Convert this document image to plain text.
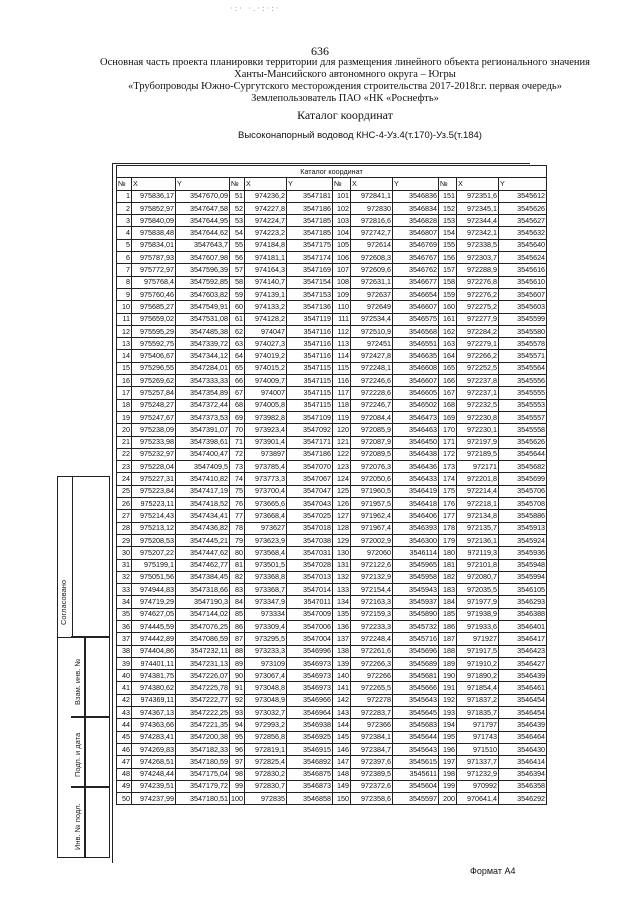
·:· ·.·:·:·
636
Основная часть проекта планировки территории для размещения линейного объекта регионального значения Ханты-Мансийского автономного округа – Югры
«Трубопроводы Южно-Сургутского месторождения строительства 2017-2018г.г. первая очередь»
Землепользователь ПАО «НК «Роснефть»
Каталог координат
Высоконапорный водовод КНС-4-Уз.4(т.170)-Уз.5(т.184)
Каталог координат											
№	X	Y	№	X	Y	№	X	Y	№	X	Y
1	975836,17	3547670,09	51	974236,2	3547181	101	972841,1	3546836	151	972351,6	3545612
2	975852,97	3547647,58	52	974227,8	3547186	102	972830	3546834	152	972345,1	3545626
3	975840,09	3547644,95	53	974224,7	3547185	103	972816,6	3546828	153	972344,4	3545627
4	975838,48	3547644,62	54	974223,2	3547185	104	972742,7	3546807	154	972342,1	3545632
5	975834,01	3547643,7	55	974184,8	3547175	105	972614	3546769	155	972338,5	3545640
6	975787,93	3547607,98	56	974181,1	3547174	106	972608,3	3546767	156	972303,7	3545624
7	975772,97	3547596,39	57	974164,3	3547169	107	972609,6	3546762	157	972288,9	3545616
8	975768,4	3547592,85	58	974140,7	3547154	108	972631,1	3546677	158	972276,8	3545610
9	975760,46	3547603,82	59	974139,1	3547153	109	972637	3546654	159	972276,2	3545607
10	975685,27	3547549,91	60	974133,2	3547136	110	972649	3546607	160	972275,2	3545603
11	975659,02	3547531,08	61	974128,2	3547119	111	972534,4	3546575	161	972277,9	3545599
12	975595,29	3547485,38	62	974047	3547116	112	972510,9	3546568	162	972284,2	3545580
13	975592,75	3547339,72	63	974027,3	3547116	113	972451	3546551	163	972279,1	3545578
14	975406,67	3547344,12	64	974019,2	3547116	114	972427,8	3546635	164	972266,2	3545571
15	975296,55	3547284,01	65	974015,2	3547115	115	972248,1	3546608	165	972252,5	3545564
16	975269,62	3547333,33	66	974009,7	3547115	116	972246,6	3546607	166	972237,8	3545556
17	975257,84	3547354,89	67	974007	3547115	117	972228,6	3546605	167	972237,1	3545555
18	975248,27	3547372,44	68	974005,8	3547115	118	972246,7	3546502	168	972232,5	3545553
19	975247,67	3547373,53	69	973982,8	3547109	119	972084,4	3546473	169	972230,8	3545557
20	975238,09	3547391,07	70	973923,4	3547092	120	972085,9	3546463	170	972230,1	3545558
21	975233,98	3547398,61	71	973901,4	3547171	121	972087,9	3546450	171	972197,9	3545626
22	975232,97	3547400,47	72	973897	3547186	122	972089,5	3546438	172	972189,5	3545644
23	975228,04	3547409,5	73	973785,4	3547070	123	972076,3	3546436	173	972171	3545682
24	975227,31	3547410,82	74	973773,3	3547067	124	972050,6	3546433	174	972201,8	3545699
25	975223,84	3547417,19	75	973700,4	3547047	125	971960,5	3546419	175	972214,4	3545706
26	975223,11	3547418,52	76	973665,6	3547043	126	971957,5	3546418	176	972218,1	3545708
27	975214,43	3547434,41	77	973668,4	3547025	127	971962,4	3546406	177	972134,8	3545886
28	975213,12	3547436,82	78	973627	3547018	128	971967,4	3546393	178	972135,7	3545913
29	975208,53	3547445,21	79	973623,9	3547038	129	972002,9	3546300	179	972136,1	3545924
30	975207,22	3547447,62	80	973568,4	3547031	130	972060	3546114	180	972119,3	3545936
31	975199,1	3547462,77	81	973501,5	3547028	131	972122,6	3545965	181	972101,8	3545948
32	975051,56	3547384,45	82	973368,8	3547013	132	972132,9	3545958	182	972080,7	3545994
33	974944,83	3547318,66	83	973368,7	3547014	133	972154,4	3545943	183	972035,5	3546105
34	974719,29	3547190,3	84	973347,9	3547011	134	972163,3	3545937	184	971977,9	3546293
35	974627,05	3547144,02	85	973334	3547009	135	972159,3	3545890	185	971938,9	3546388
36	974445,59	3547076,25	86	973309,4	3547006	136	972233,3	3545732	186	971933,6	3546401
37	974442,89	3547086,59	87	973295,5	3547004	137	972248,4	3545716	187	971927	3546417
38	974404,86	3547232,11	88	973233,3	3546996	138	972261,6	3545696	188	971917,5	3546423
39	974401,11	3547231,13	89	973109	3546973	139	972266,3	3545689	189	971910,2	3546427
40	974381,75	3547226,07	90	973067,4	3546973	140	972266	3545681	190	971890,2	3546439
41	974380,62	3547225,78	91	973048,8	3546973	141	972265,5	3545666	191	971854,4	3546461
42	974369,11	3547222,77	92	973048,9	3546966	142	972278	3545643	192	971837,2	3546454
43	974367,13	3547222,25	93	973032,7	3546964	143	972283,7	3545645	193	971835,7	3546454
44	974363,66	3547221,35	94	972993,2	3546938	144	972366	3545683	194	971797	3546439
45	974283,41	3547200,38	95	972856,8	3546925	145	972384,1	3545644	195	971743	3546464
46	974269,83	3547182,33	96	972819,1	3546915	146	972384,7	3545643	196	971510	3546430
47	974268,51	3547180,59	97	972825,4	3546892	147	972397,6	3545615	197	971337,7	3546414
48	974248,44	3547175,04	98	972830,2	3546875	148	972389,5	3545611	198	971232,9	3546394
49	974239,51	3547179,72	99	972830,7	3546873	149	972372,6	3545604	199	970992	3546358
50	974237,99	3547180,51	100	972835	3546858	150	972358,6	3545597	200	970641,4	3546292
Согласовано
Взам. инв. №
Подп. и дата
Инв. № подл.
Формат А4
